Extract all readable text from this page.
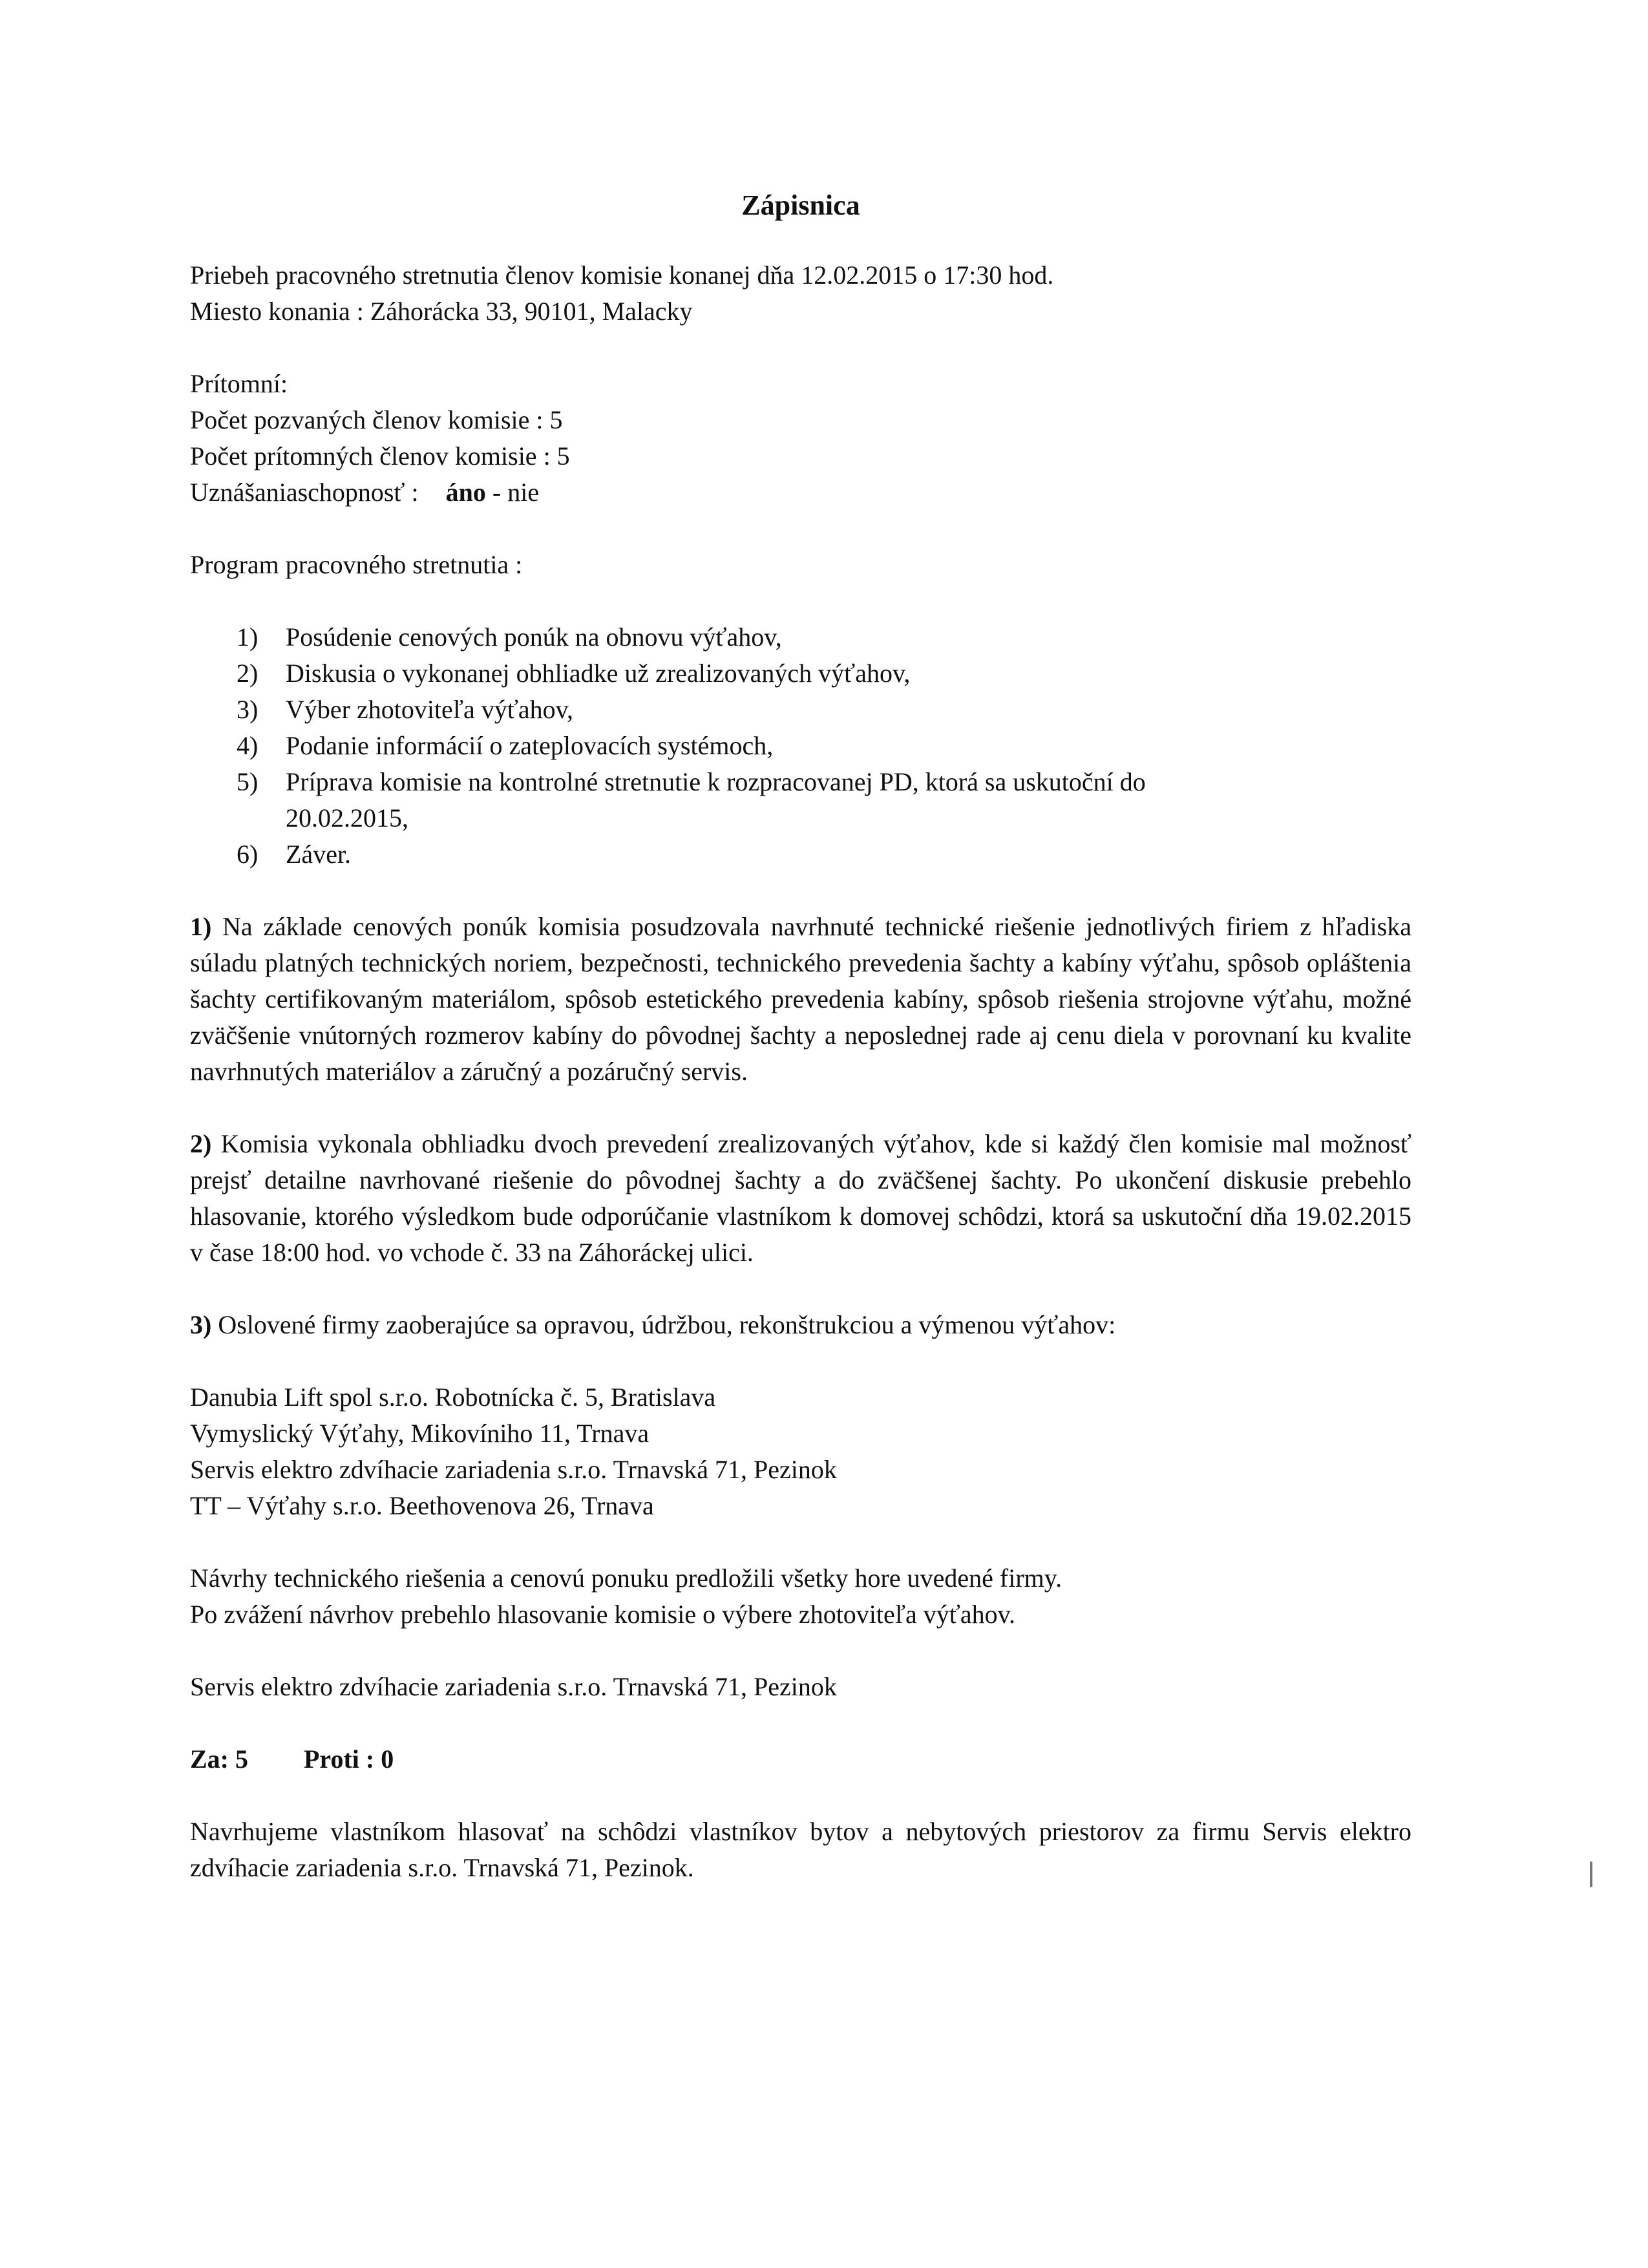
Zápisnica
Priebeh pracovného stretnutia členov komisie konanej dňa 12.02.2015 o 17:30 hod.
Miesto konania : Záhorácka 33, 90101, Malacky
Prítomní:
Počet pozvaných členov komisie : 5
Počet prítomných členov komisie : 5
Uznášaniaschopnosť : áno - nie
Program pracovného stretnutia :
1)	Posúdenie cenových ponúk na obnovu výťahov,
2)	Diskusia o vykonanej obhliadke už zrealizovaných výťahov,
3)	Výber zhotoviteľa výťahov,
4)	Podanie informácií o zateplovacích systémoch,
5)	Príprava komisie na kontrolné stretnutie k rozpracovanej PD, ktorá sa uskutoční do 20.02.2015,
6)	Záver.

1) Na základe cenových ponúk komisia posudzovala navrhnuté technické riešenie jednotlivých firiem z hľadiska súladu platných technických noriem, bezpečnosti, technického prevedenia šachty a kabíny výťahu, spôsob opláštenia šachty certifikovaným materiálom, spôsob estetického prevedenia kabíny, spôsob riešenia strojovne výťahu, možné zväčšenie vnútorných rozmerov kabíny do pôvodnej šachty a neposlednej rade aj cenu diela v porovnaní ku kvalite navrhnutých materiálov a záručný a pozáručný servis.

2) Komisia vykonala obhliadku dvoch prevedení zrealizovaných výťahov, kde si každý člen komisie mal možnosť prejsť detailne navrhované riešenie do pôvodnej šachty a do zväčšenej šachty. Po ukončení diskusie prebehlo hlasovanie, ktorého výsledkom bude odporúčanie vlastníkom k domovej schôdzi, ktorá sa uskutoční dňa 19.02.2015 v čase 18:00 hod. vo vchode č. 33 na Záhoráckej ulici.

3) Oslovené firmy zaoberajúce sa opravou, údržbou, rekonštrukciou a výmenou výťahov:

Danubia Lift spol s.r.o. Robotnícka č. 5, Bratislava
Vymyslický Výťahy, Mikovíniho 11, Trnava
Servis elektro zdvíhacie zariadenia s.r.o. Trnavská 71, Pezinok
TT – Výťahy s.r.o. Beethovenova 26, Trnava
Návrhy technického riešenia a cenovú ponuku predložili všetky hore uvedené firmy.
Po zvážení návrhov prebehlo hlasovanie komisie o výbere zhotoviteľa výťahov.
Servis elektro zdvíhacie zariadenia s.r.o. Trnavská 71, Pezinok
Za: 5 Proti : 0

Navrhujeme vlastníkom hlasovať na schôdzi vlastníkov bytov a nebytových priestorov za firmu Servis elektro zdvíhacie zariadenia s.r.o. Trnavská 71, Pezinok.
